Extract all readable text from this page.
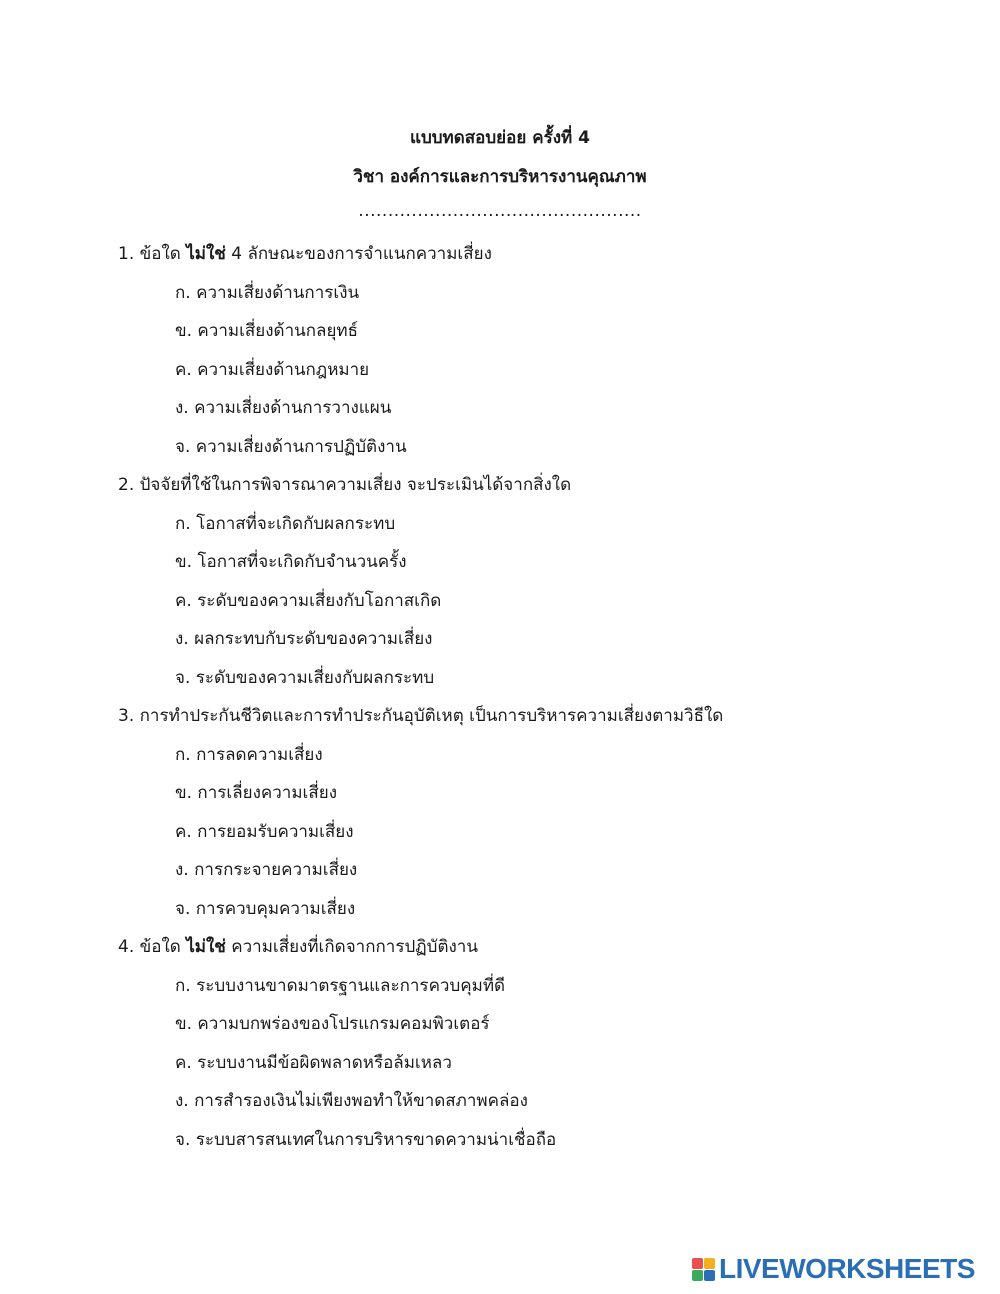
แบบทดสอบย่อย ครั้งที่ 4
วิชา องค์การและการบริหารงานคุณภาพ
................................................

1. ข้อใด ไม่ใช่ 4 ลักษณะของการจำแนกความเสี่ยง

ก. ความเสี่ยงด้านการเงิน

ข. ความเสี่ยงด้านกลยุทธ์

ค. ความเสี่ยงด้านกฎหมาย

ง. ความเสี่ยงด้านการวางแผน

จ. ความเสี่ยงด้านการปฏิบัติงาน

2. ปัจจัยที่ใช้ในการพิจารณาความเสี่ยง จะประเมินได้จากสิ่งใด

ก. โอกาสที่จะเกิดกับผลกระทบ

ข. โอกาสที่จะเกิดกับจำนวนครั้ง

ค. ระดับของความเสี่ยงกับโอกาสเกิด

ง. ผลกระทบกับระดับของความเสี่ยง

จ. ระดับของความเสี่ยงกับผลกระทบ

3. การทำประกันชีวิตและการทำประกันอุบัติเหตุ เป็นการบริหารความเสี่ยงตามวิธีใด

ก. การลดความเสี่ยง

ข. การเลี่ยงความเสี่ยง

ค. การยอมรับความเสี่ยง

ง. การกระจายความเสี่ยง

จ. การควบคุมความเสี่ยง

4. ข้อใด ไม่ใช่ ความเสี่ยงที่เกิดจากการปฏิบัติงาน

ก. ระบบงานขาดมาตรฐานและการควบคุมที่ดี

ข. ความบกพร่องของโปรแกรมคอมพิวเตอร์

ค. ระบบงานมีข้อผิดพลาดหรือล้มเหลว

ง. การสำรองเงินไม่เพียงพอทำให้ขาดสภาพคล่อง

จ. ระบบสารสนเทศในการบริหารขาดความน่าเชื่อถือ

LIVEWORKSHEETS
